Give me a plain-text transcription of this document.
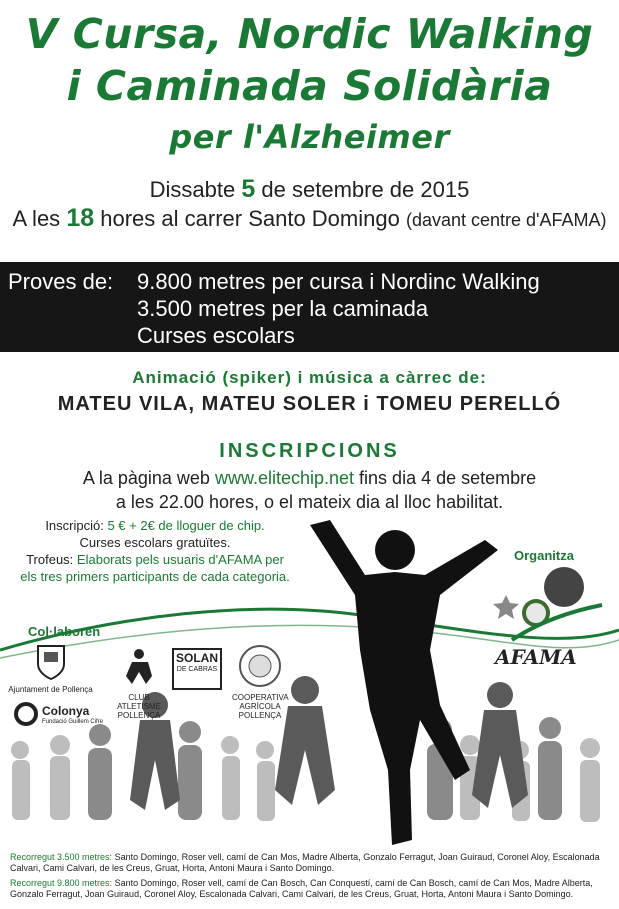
V Cursa, Nordic Walking
i Caminada Solidària
per l'Alzheimer
Dissabte 5 de setembre de 2015
A les 18 hores al carrer Santo Domingo (davant centre d'AFAMA)
Proves de: 9.800 metres per cursa i Nordinc Walking
3.500 metres per la caminada
Curses escolars
Animació (spiker) i música a càrrec de:
MATEU VILA, MATEU SOLER i TOMEU PERELLÓ
INSCRIPCIONS
A la pàgina web www.elitechip.net fins dia 4 de setembre
a les 22.00 hores, o el mateix dia al lloc habilitat.
Inscripció: 5 € + 2€ de lloguer de chip.
Curses escolars gratuïtes.
Trofeus: Elaborats pels usuaris d'AFAMA per els tres primers participants de cada categoria.
Organitza
AFAMA
Col·laboren
Ajuntament de Pollença
CLUB ATLETISME POLLENÇA
SOLAN
DE CABRAS
COOPERATIVA AGRÍCOLA POLLENÇA
Colonya
Fundació Guillem Cifre
Recorregut 3.500 metres: Santo Domingo, Roser vell, camí de Can Mos, Madre Alberta, Gonzalo Ferragut, Joan Guiraud, Coronel Aloy, Escalonada Calvari, Cami Calvari, de les Creus, Gruat, Horta, Antoni Maura i Santo Domingo.
Recorregut 9.800 metres: Santo Domingo, Roser vell, camí de Can Bosch, Can Conquestí, camí de Can Bosch, camí de Can Mos, Madre Alberta, Gonzalo Ferragut, Joan Guiraud, Coronel Aloy, Escalonada Calvari, Cami Calvari, de les Creus, Gruat, Horta, Antoni Maura i Santo Domingo.
